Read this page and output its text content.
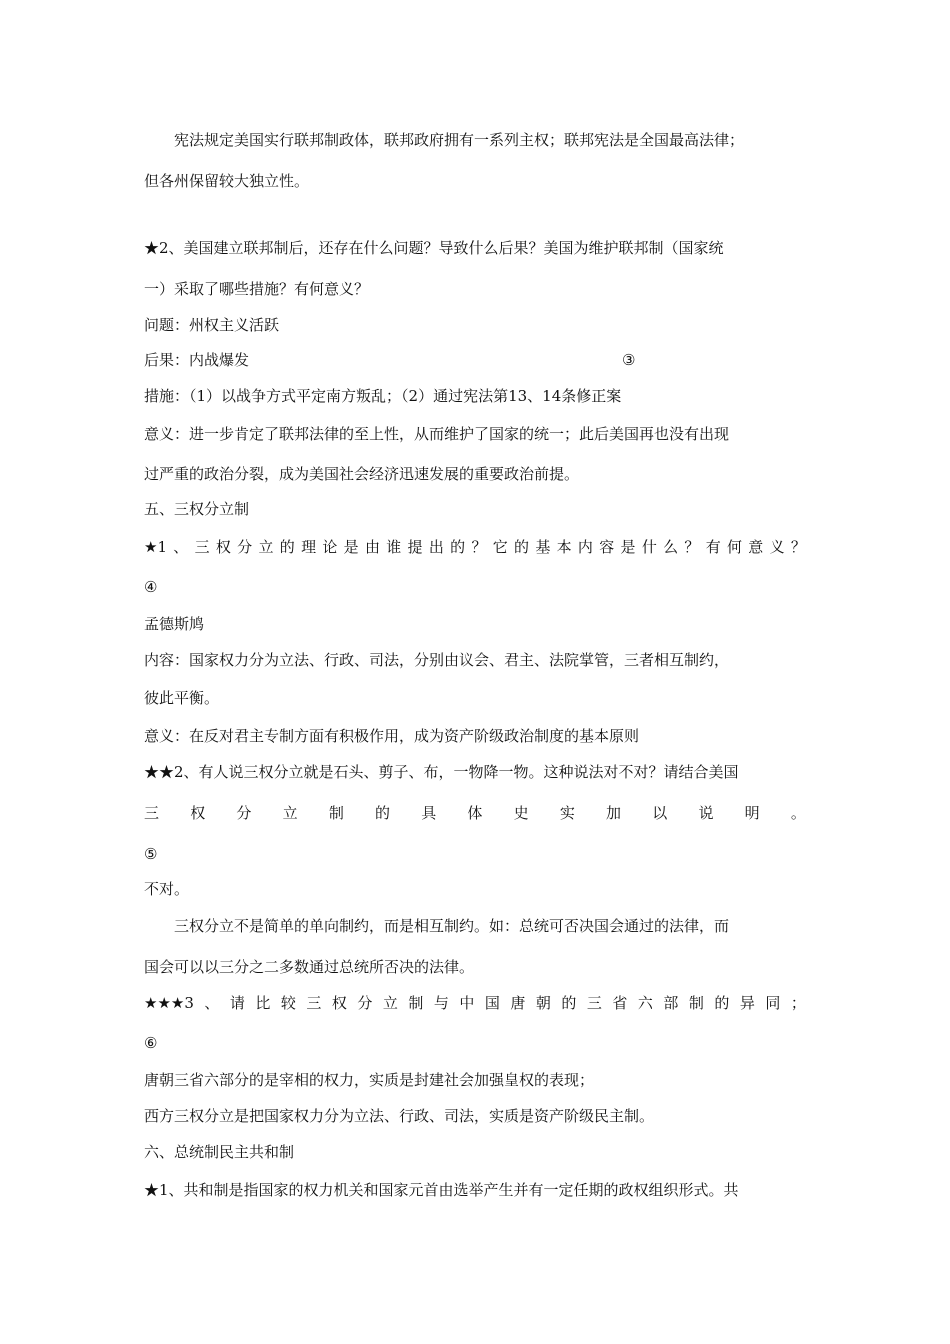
宪法规定美国实行联邦制政体，联邦政府拥有一系列主权；联邦宪法是全国最高法律；
但各州保留较大独立性。
★2、美国建立联邦制后，还存在什么问题？导致什么后果？美国为维护联邦制（国家统
一）采取了哪些措施？有何意义？
问题：州权主义活跃
后果：内战爆发	③
措施：（1）以战争方式平定南方叛乱；（2）通过宪法第13、14条修正案
意义：进一步肯定了联邦法律的至上性，从而维护了国家的统一；此后美国再也没有出现
过严重的政治分裂，成为美国社会经济迅速发展的重要政治前提。
五、三权分立制
★1 、 三 权 分 立 的 理 论 是 由 谁 提 出 的 ？ 它 的 基 本 内 容 是 什 么 ？ 有 何 意 义 ？
④
孟德斯鸠
内容：国家权力分为立法、行政、司法，分别由议会、君主、法院掌管，三者相互制约，
彼此平衡。
意义：在反对君主专制方面有积极作用，成为资产阶级政治制度的基本原则
★★2、有人说三权分立就是石头、剪子、布，一物降一物。这种说法对不对？请结合美国
三 权 分 立 制 的 具 体 史 实 加 以 说 明 。
⑤
不对。
三权分立不是简单的单向制约，而是相互制约。如：总统可否决国会通过的法律，而
国会可以以三分之二多数通过总统所否决的法律。
★★★3 、 请 比 较 三 权 分 立 制 与 中 国 唐 朝 的 三 省 六 部 制 的 异 同 ；
⑥
唐朝三省六部分的是宰相的权力，实质是封建社会加强皇权的表现；
西方三权分立是把国家权力分为立法、行政、司法，实质是资产阶级民主制。
六、总统制民主共和制
★1、共和制是指国家的权力机关和国家元首由选举产生并有一定任期的政权组织形式。共
